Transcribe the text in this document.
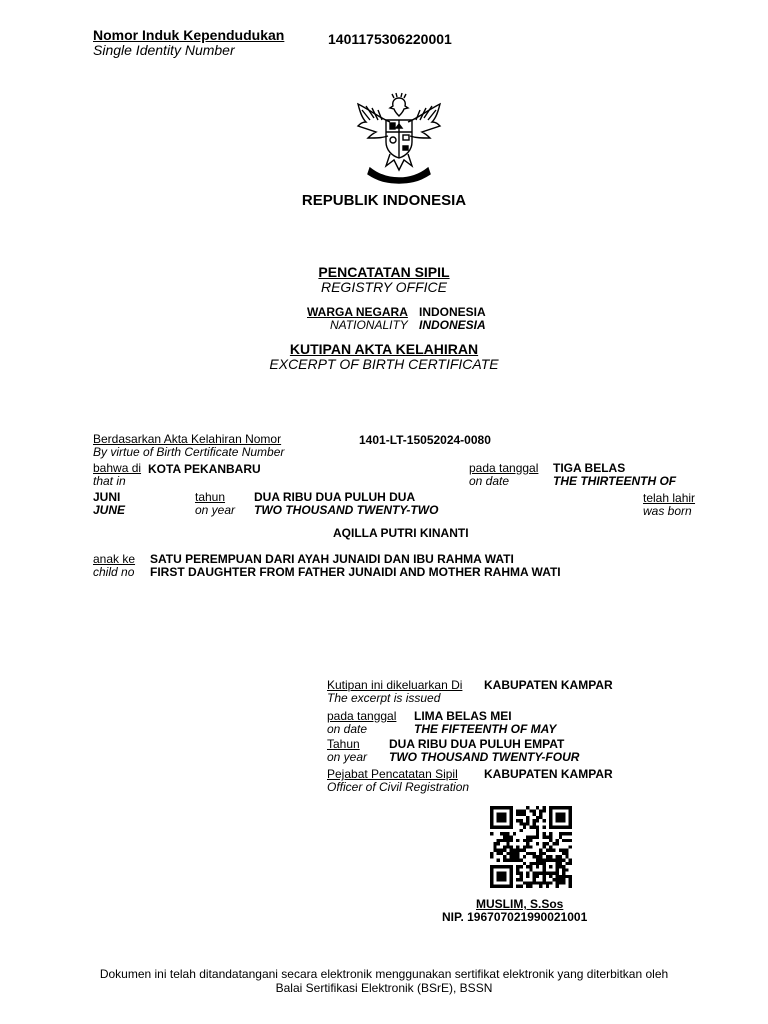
Nomor Induk Kependudukan
Single Identity Number
1401175306220001
REPUBLIK INDONESIA
PENCATATAN SIPIL
REGISTRY OFFICE
WARGA NEGARA INDONESIA
NATIONALITY INDONESIA
KUTIPAN AKTA KELAHIRAN
EXCERPT OF BIRTH CERTIFICATE
Berdasarkan Akta Kelahiran Nomor
By virtue of Birth Certificate Number
1401-LT-15052024-0080
bahwa di KOTA PEKANBARU
that in
pada tanggal
on date
TIGA BELAS
THE THIRTEENTH OF
JUNI
JUNE
tahun
on year
DUA RIBU DUA PULUH DUA
TWO THOUSAND TWENTY-TWO
telah lahir
was born
AQILLA PUTRI KINANTI
anak ke
child no
SATU PEREMPUAN DARI AYAH JUNAIDI DAN IBU RAHMA WATI
FIRST DAUGHTER FROM FATHER JUNAIDI AND MOTHER RAHMA WATI
Kutipan ini dikeluarkan Di
The excerpt is issued
KABUPATEN KAMPAR
pada tanggal
on date
LIMA BELAS MEI
THE FIFTEENTH OF MAY
Tahun
on year
DUA RIBU DUA PULUH EMPAT
TWO THOUSAND TWENTY-FOUR
Pejabat Pencatatan Sipil
Officer of Civil Registration
KABUPATEN KAMPAR
MUSLIM, S.Sos
NIP. 196707021990021001
Dokumen ini telah ditandatangani secara elektronik menggunakan sertifikat elektronik yang diterbitkan oleh
Balai Sertifikasi Elektronik (BSrE), BSSN
